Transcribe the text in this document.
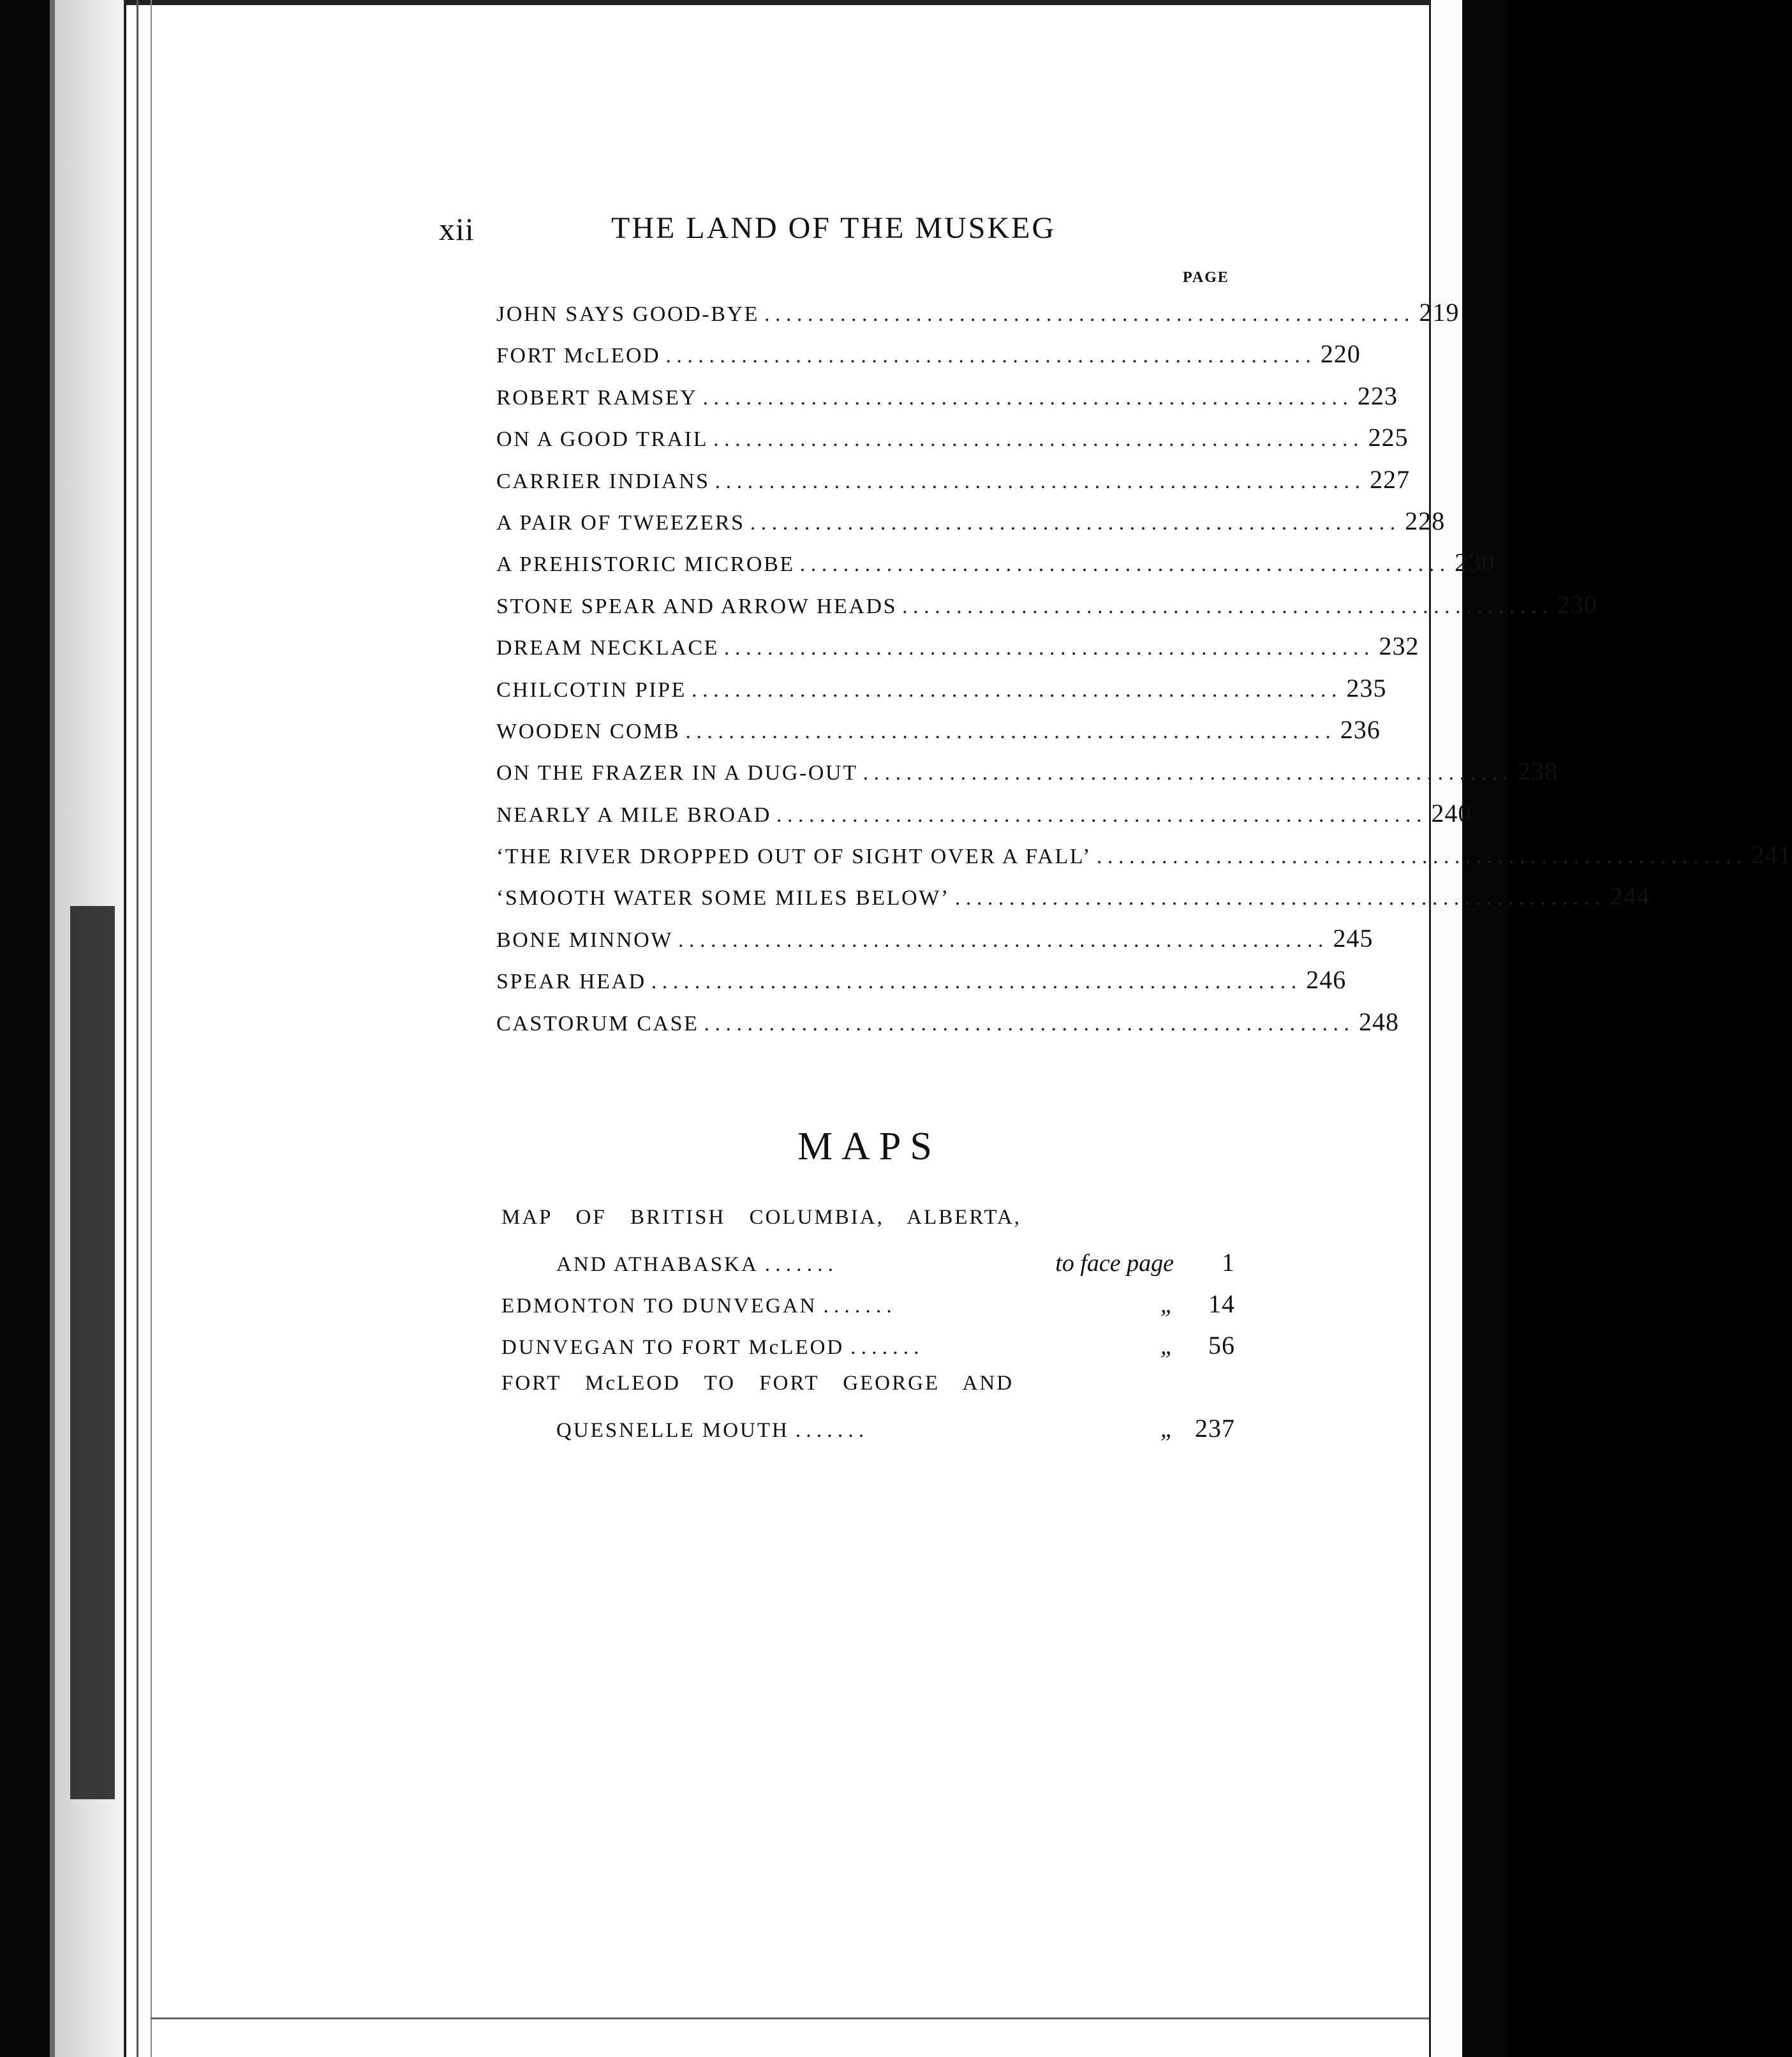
xii	THE LAND OF THE MUSKEG
PAGE
JOHN SAYS GOOD-BYE . . . . . . . . . . . . . . . . . . . . . . . . . . . . . . . . . . . . . . . . . . . . . . . . . . . . . . . . . . . . 219
FORT McLEOD . . . . . . . . . . . . . . . . . . . . . . . . . . . . . . . . . . . . . . . . . . . . . . . . . . . . . . . . . . . . 220
ROBERT RAMSEY . . . . . . . . . . . . . . . . . . . . . . . . . . . . . . . . . . . . . . . . . . . . . . . . . . . . . . . . . . . . 223
ON A GOOD TRAIL . . . . . . . . . . . . . . . . . . . . . . . . . . . . . . . . . . . . . . . . . . . . . . . . . . . . . . . . . . . . 225
CARRIER INDIANS . . . . . . . . . . . . . . . . . . . . . . . . . . . . . . . . . . . . . . . . . . . . . . . . . . . . . . . . . . . . 227
A PAIR OF TWEEZERS . . . . . . . . . . . . . . . . . . . . . . . . . . . . . . . . . . . . . . . . . . . . . . . . . . . . . . . . . . . . 228
A PREHISTORIC MICROBE . . . . . . . . . . . . . . . . . . . . . . . . . . . . . . . . . . . . . . . . . . . . . . . . . . . . . . . . . . . . 230
STONE SPEAR AND ARROW HEADS . . . . . . . . . . . . . . . . . . . . . . . . . . . . . . . . . . . . . . . . . . . . . . . . . . . . . . . . . . . . 230
DREAM NECKLACE . . . . . . . . . . . . . . . . . . . . . . . . . . . . . . . . . . . . . . . . . . . . . . . . . . . . . . . . . . . . 232
CHILCOTIN PIPE . . . . . . . . . . . . . . . . . . . . . . . . . . . . . . . . . . . . . . . . . . . . . . . . . . . . . . . . . . . . 235
WOODEN COMB . . . . . . . . . . . . . . . . . . . . . . . . . . . . . . . . . . . . . . . . . . . . . . . . . . . . . . . . . . . . 236
ON THE FRAZER IN A DUG-OUT . . . . . . . . . . . . . . . . . . . . . . . . . . . . . . . . . . . . . . . . . . . . . . . . . . . . . . . . . . . . 238
NEARLY A MILE BROAD . . . . . . . . . . . . . . . . . . . . . . . . . . . . . . . . . . . . . . . . . . . . . . . . . . . . . . . . . . . . 240
‘THE RIVER DROPPED OUT OF SIGHT OVER A FALL’ . . . . . . . . . . . . . . . . . . . . . . . . . . . . . . . . . . . . . . . . . . . . . . . . . . . . . . . . . . . . 241
‘SMOOTH WATER SOME MILES BELOW’ . . . . . . . . . . . . . . . . . . . . . . . . . . . . . . . . . . . . . . . . . . . . . . . . . . . . . . . . . . . . 244
BONE MINNOW . . . . . . . . . . . . . . . . . . . . . . . . . . . . . . . . . . . . . . . . . . . . . . . . . . . . . . . . . . . . 245
SPEAR HEAD . . . . . . . . . . . . . . . . . . . . . . . . . . . . . . . . . . . . . . . . . . . . . . . . . . . . . . . . . . . . 246
CASTORUM CASE . . . . . . . . . . . . . . . . . . . . . . . . . . . . . . . . . . . . . . . . . . . . . . . . . . . . . . . . . . . . 248
MAPS
MAP OF BRITISH COLUMBIA, ALBERTA,
AND ATHABASKA . . . . . . .	to face page	1
EDMONTON TO DUNVEGAN . . . . . . .	„	14
DUNVEGAN TO FORT McLEOD . . . . . . .	„	56
FORT McLEOD TO FORT GEORGE AND
QUESNELLE MOUTH . . . . . . .	„ 237
